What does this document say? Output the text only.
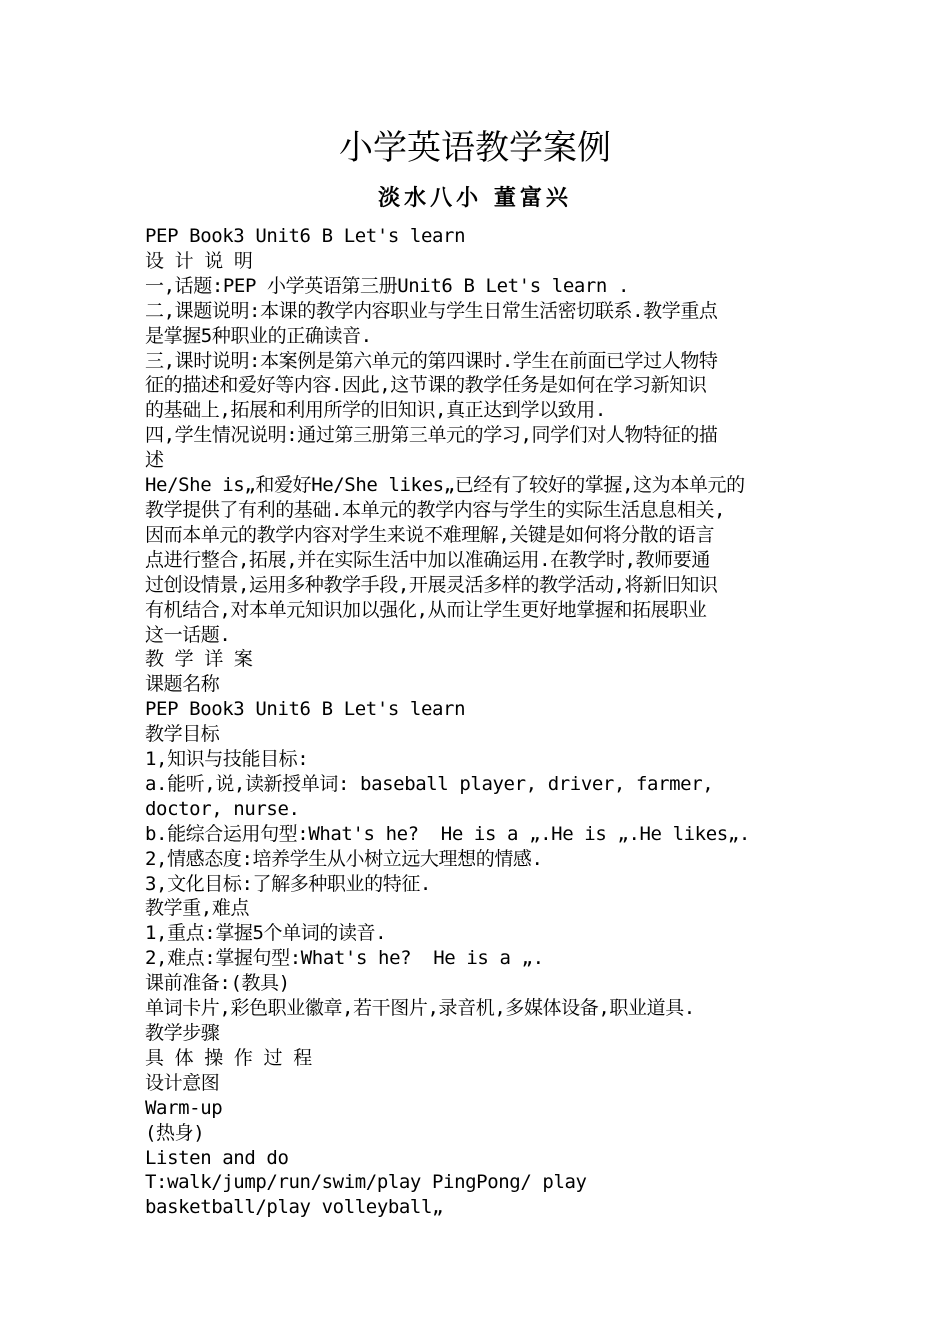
小学英语教学案例
淡水八小 董富兴
PEP Book3 Unit6 B Let's learn
设 计 说 明
一,话题:PEP 小学英语第三册Unit6 B Let's learn .
二,课题说明:本课的教学内容职业与学生日常生活密切联系.教学重点
是掌握5种职业的正确读音.
三,课时说明:本案例是第六单元的第四课时.学生在前面已学过人物特
征的描述和爱好等内容.因此,这节课的教学任务是如何在学习新知识
的基础上,拓展和利用所学的旧知识,真正达到学以致用.
四,学生情况说明:通过第三册第三单元的学习,同学们对人物特征的描
述
He/She is„和爱好He/She likes„已经有了较好的掌握,这为本单元的
教学提供了有利的基础.本单元的教学内容与学生的实际生活息息相关,
因而本单元的教学内容对学生来说不难理解,关键是如何将分散的语言
点进行整合,拓展,并在实际生活中加以准确运用.在教学时,教师要通
过创设情景,运用多种教学手段,开展灵活多样的教学活动,将新旧知识
有机结合,对本单元知识加以强化,从而让学生更好地掌握和拓展职业
这一话题.
教 学 详 案
课题名称
PEP Book3 Unit6 B Let's learn
教学目标
1,知识与技能目标:
a.能听,说,读新授单词: baseball player, driver, farmer,
doctor, nurse.
b.能综合运用句型:What's he?  He is a „.He is „.He likes„.
2,情感态度:培养学生从小树立远大理想的情感.
3,文化目标:了解多种职业的特征.
教学重,难点
1,重点:掌握5个单词的读音.
2,难点:掌握句型:What's he?  He is a „.
课前准备:(教具)
单词卡片,彩色职业徽章,若干图片,录音机,多媒体设备,职业道具.
教学步骤
具 体 操 作 过 程
设计意图
Warm-up
(热身)
Listen and do
T:walk/jump/run/swim/play PingPong/ play
basketball/play volleyball„
